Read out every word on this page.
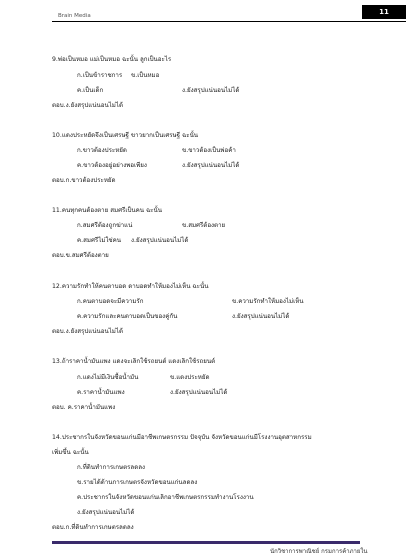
Brain Media	11
9.พ่อเป็นหมอ แม่เป็นหมอ ฉะนั้น ลูกเป็นอะไร
ก.เป็นข้าราชการ ข.เป็นหมอ
ค.เป็นเด็ก	ง.ยังสรุปแน่นอนไม่ได้
ตอบ.ง.ยังสรุปแน่นอนไม่ได้
10.แดงประหยัดจึงเป็นเศรษฐี ขาวยากเป็นเศรษฐี ฉะนั้น
ก.ขาวต้องประหยัด	ข.ขาวต้องเป็นพ่อค้า
ค.ขาวต้องอยู่อย่างพอเพียง	ง.ยังสรุปแน่นอนไม่ได้
ตอบ.ก.ขาวต้องประหยัด
11.คนทุกคนต้องตาย สมศรีเป็นคน ฉะนั้น
ก.สมศรีต้องถูกฆ่าแน่	ข.สมศรีต้องตาย
ค.สมศรีไม่ใช่คน ง.ยังสรุปแน่นอนไม่ได้
ตอบ.ข.สมศรีต้องตาย
12.ความรักทำให้คนตาบอด ดาบอดทำให้มองไม่เห็น ฉะนั้น
ก.คนตาบอดจะมีความรัก	ข.ความรักทำให้มองไม่เห็น
ค.ความรักและคนตาบอดเป็นของคู่กัน	ง.ยังสรุปแน่นอนไม่ได้
ตอบ.ง.ยังสรุปแน่นอนไม่ได้
13.ถ้าราคาน้ำมันแพง แดงจะเลิกใช้รถยนต์ แดงเลิกใช้รถยนต์
ก.แดงไม่มีเงินซื้อน้ำมัน	ข.แดงประหยัด
ค.ราคาน้ำมันแพง	ง.ยังสรุปแน่นอนไม่ได้
ตอบ. ค.ราคาน้ำมันแพง
14.ประชากรในจังหวัดขอนแก่นมีอาชีพเกษตรกรรม ปัจจุบัน จังหวัดขอนแก่นมีโรงงานอุตสาหกรรม
เพิ่มขึ้น ฉะนั้น
ก.ที่ดินทำการเกษตรลดลง
ข.รายได้ด้านการเกษตรจังหวัดขอนแก่นลดลง
ค.ประชากรในจังหวัดขอนแก่นเลิกอาชีพเกษตรกรรมทำงานโรงงาน
ง.ยังสรุปแน่นอนไม่ได้
ตอบ.ก.ที่ดินทำการเกษตรลดลง
นักวิชาการพาณิชย์ กรมการค้าภายใน
